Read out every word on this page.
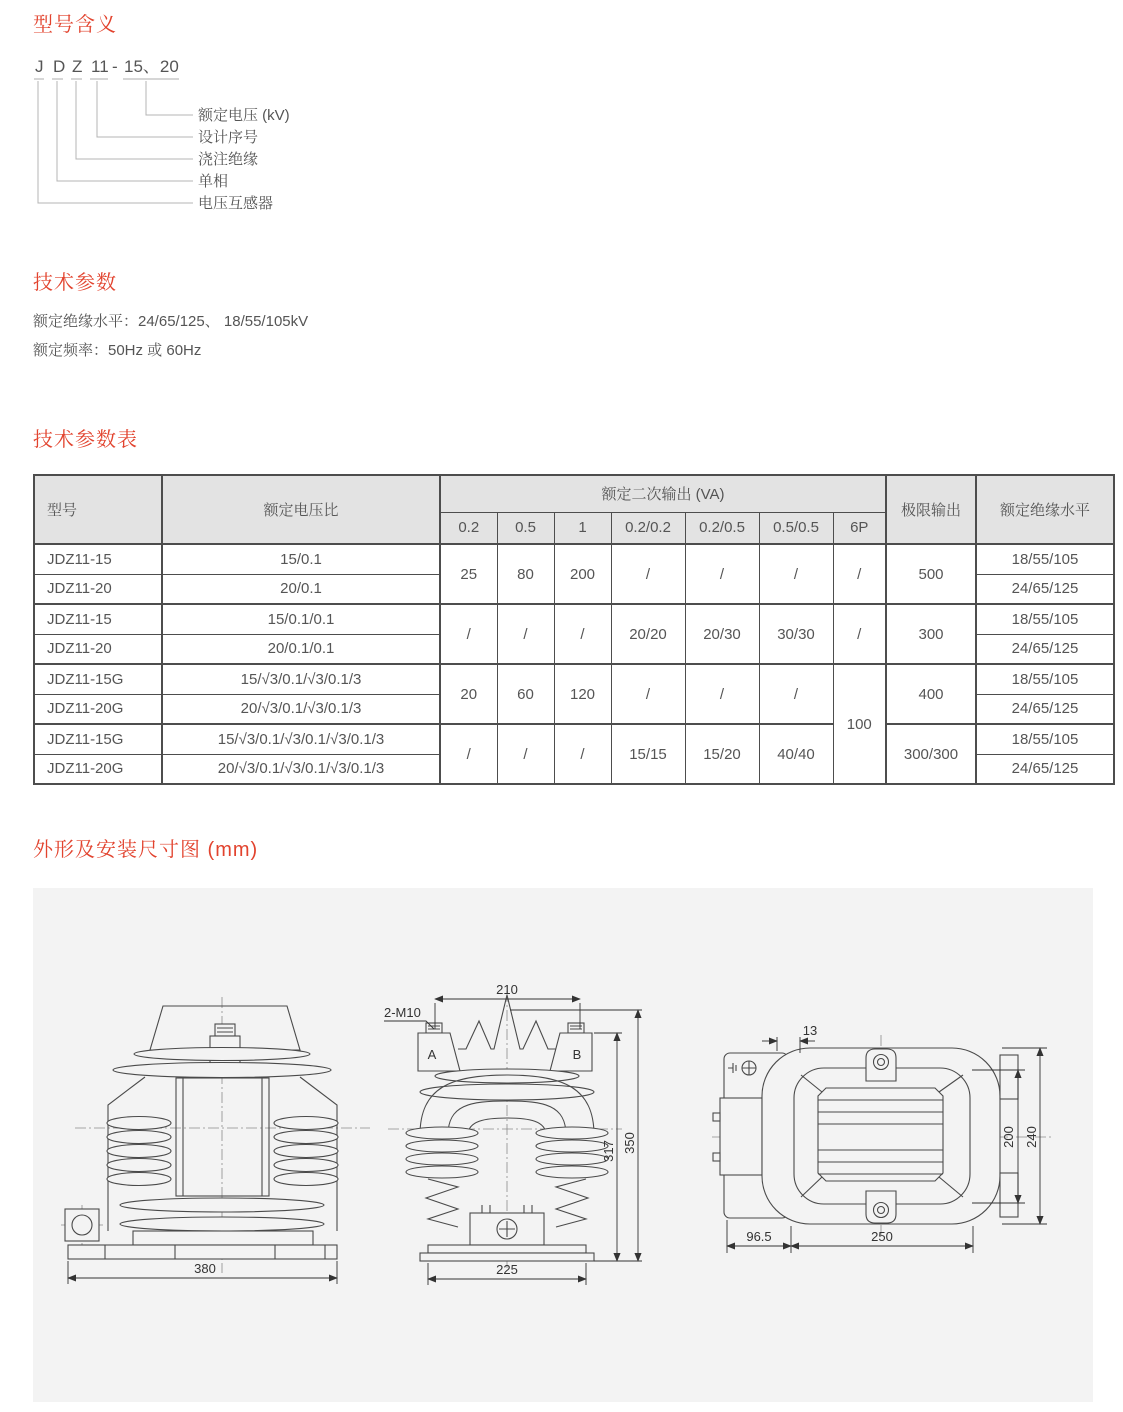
型号含义
J D Z 11 - 15、20
额定电压 (kV)
设计序号
浇注绝缘
单相
电压互感器
技术参数

额定绝缘水平：24/65/125、 18/55/105kV

额定频率：50Hz 或 60Hz

技术参数表
型号	额定电压比	额定二次输出 (VA)							极限输出	额定绝缘水平
		0.2	0.5	1	0.2/0.2	0.2/0.5	0.5/0.5	6P		
JDZ11-15	15/0.1	25	80	200	/	/	/	/	500	18/55/105
JDZ11-20	20/0.1									24/65/125
JDZ11-15	15/0.1/0.1	/	/	/	20/20	20/30	30/30	/	300	18/55/105
JDZ11-20	20/0.1/0.1									24/65/125
JDZ11-15G	15/√3/0.1/√3/0.1/3	20	60	120	/	/	/	100	400	18/55/105
JDZ11-20G	20/√3/0.1/√3/0.1/3									24/65/125
JDZ11-15G	15/√3/0.1/√3/0.1/√3/0.1/3	/	/	/	15/15	15/20	40/40		300/300	18/55/105
JDZ11-20G	20/√3/0.1/√3/0.1/√3/0.1/3									24/65/125
外形及安装尺寸图 (mm)
380
210
2-M10
A	B
317 350
225
13
200 240
96.5	250
